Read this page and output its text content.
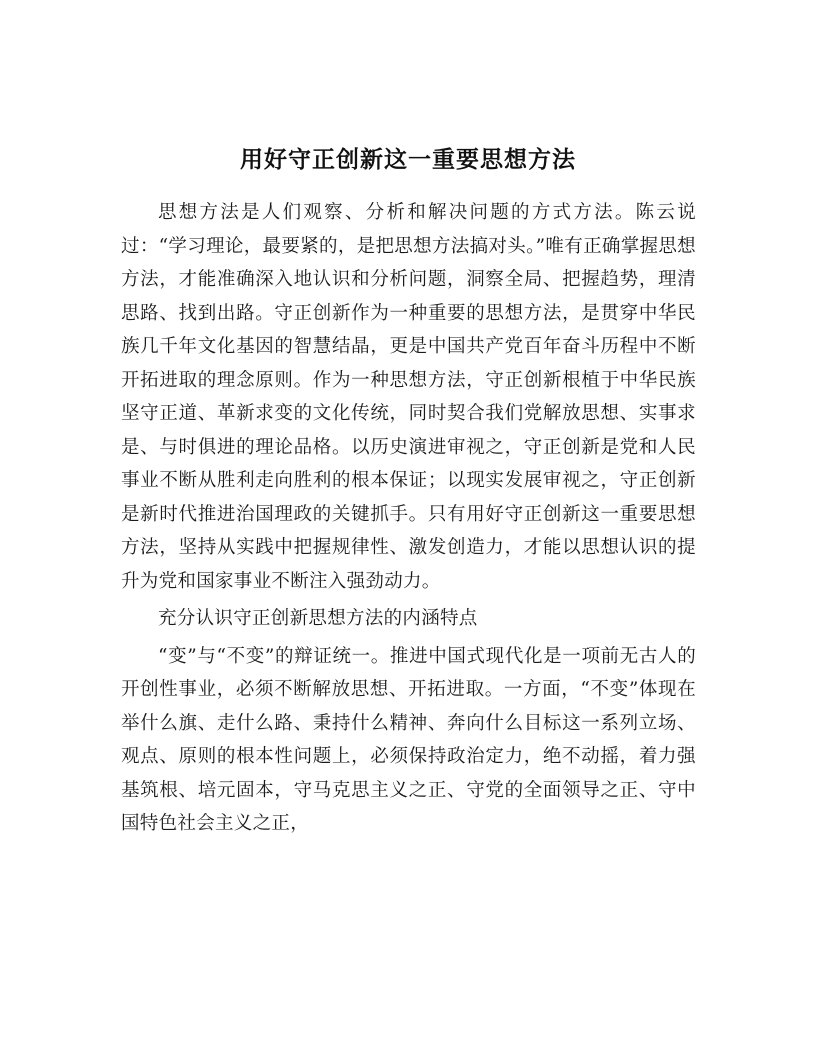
用好守正创新这一重要思想方法

思想方法是人们观察、分析和解决问题的方式方法。陈云说过：“学习理论，最要紧的，是把思想方法搞对头。”唯有正确掌握思想方法，才能准确深入地认识和分析问题，洞察全局、把握趋势，理清思路、找到出路。守正创新作为一种重要的思想方法，是贯穿中华民族几千年文化基因的智慧结晶，更是中国共产党百年奋斗历程中不断开拓进取的理念原则。作为一种思想方法，守正创新根植于中华民族坚守正道、革新求变的文化传统，同时契合我们党解放思想、实事求是、与时俱进的理论品格。以历史演进审视之，守正创新是党和人民事业不断从胜利走向胜利的根本保证；以现实发展审视之，守正创新是新时代推进治国理政的关键抓手。只有用好守正创新这一重要思想方法，坚持从实践中把握规律性、激发创造力，才能以思想认识的提升为党和国家事业不断注入强劲动力。

充分认识守正创新思想方法的内涵特点

“变”与“不变”的辩证统一。推进中国式现代化是一项前无古人的开创性事业，必须不断解放思想、开拓进取。一方面，“不变”体现在举什么旗、走什么路、秉持什么精神、奔向什么目标这一系列立场、观点、原则的根本性问题上，必须保持政治定力，绝不动摇，着力强基筑根、培元固本，守马克思主义之正、守党的全面领导之正、守中国特色社会主义之正，
